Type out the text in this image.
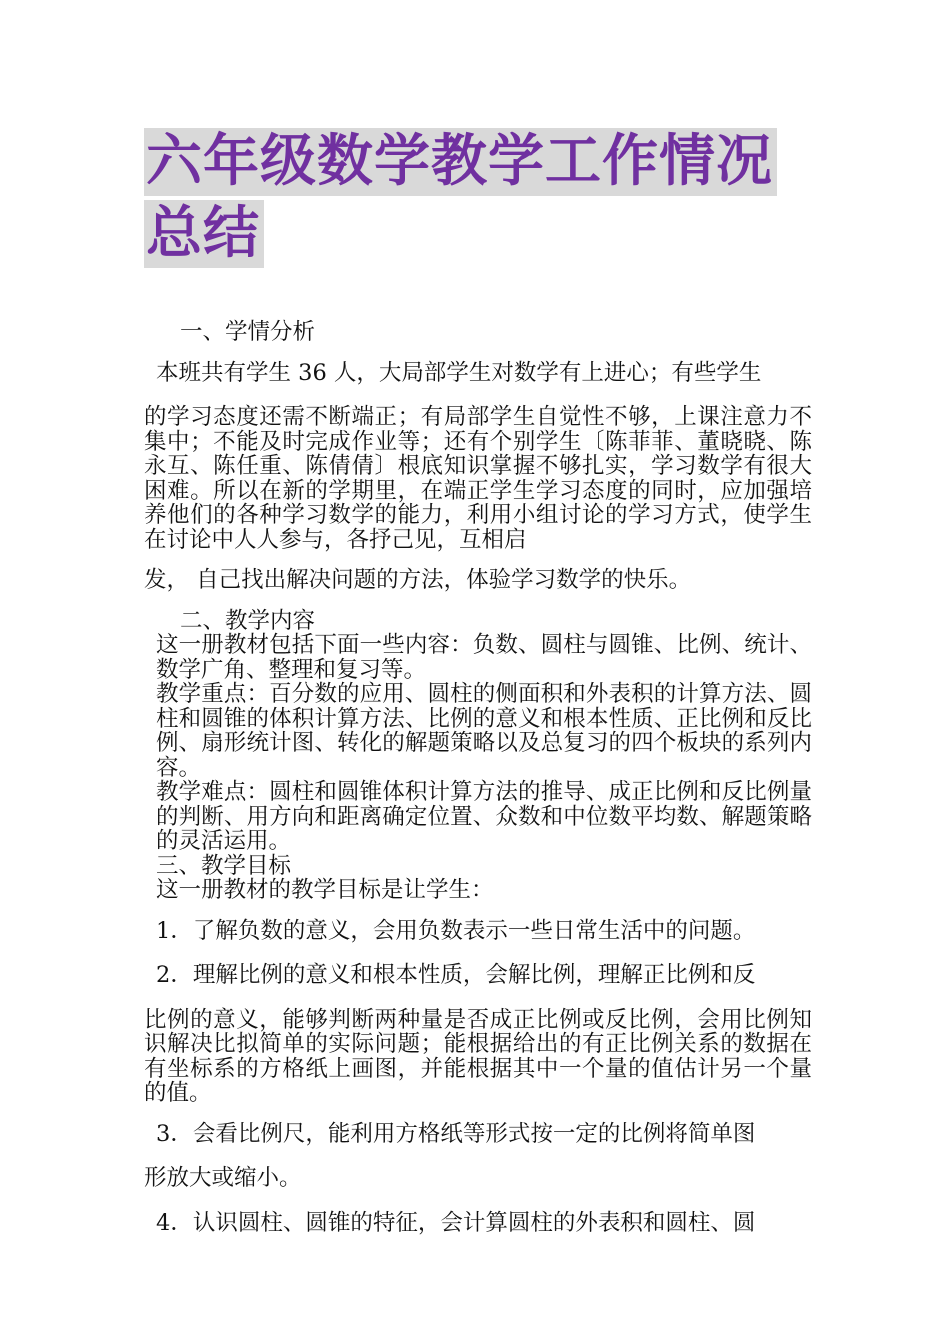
六年级数学教学工作情况
总结

一、学情分析

本班共有学生 36 人，大局部学生对数学有上进心；有些学生

的学习态度还需不断端正；有局部学生自觉性不够，上课注意力不集中；不能及时完成作业等；还有个别学生〔陈菲菲、董晓晓、陈永互、陈任重、陈倩倩〕根底知识掌握不够扎实，学习数学有很大困难。所以在新的学期里，在端正学生学习态度的同时，应加强培养他们的各种学习数学的能力，利用小组讨论的学习方式，使学生在讨论中人人参与，各抒己见，互相启

发， 自己找出解决问题的方法，体验学习数学的快乐。

二、教学内容

这一册教材包括下面一些内容：负数、圆柱与圆锥、比例、统计、数学广角、整理和复习等。

教学重点：百分数的应用、圆柱的侧面积和外表积的计算方法、圆柱和圆锥的体积计算方法、比例的意义和根本性质、正比例和反比例、扇形统计图、转化的解题策略以及总复习的四个板块的系列内容。

教学难点：圆柱和圆锥体积计算方法的推导、成正比例和反比例量的判断、用方向和距离确定位置、众数和中位数平均数、解题策略的灵活运用。

三、教学目标

这一册教材的教学目标是让学生：

1．了解负数的意义，会用负数表示一些日常生活中的问题。

2．理解比例的意义和根本性质，会解比例，理解正比例和反

比例的意义，能够判断两种量是否成正比例或反比例，会用比例知识解决比拟简单的实际问题；能根据给出的有正比例关系的数据在有坐标系的方格纸上画图，并能根据其中一个量的值估计另一个量的值。

3．会看比例尺，能利用方格纸等形式按一定的比例将简单图

形放大或缩小。

4．认识圆柱、圆锥的特征，会计算圆柱的外表积和圆柱、圆
